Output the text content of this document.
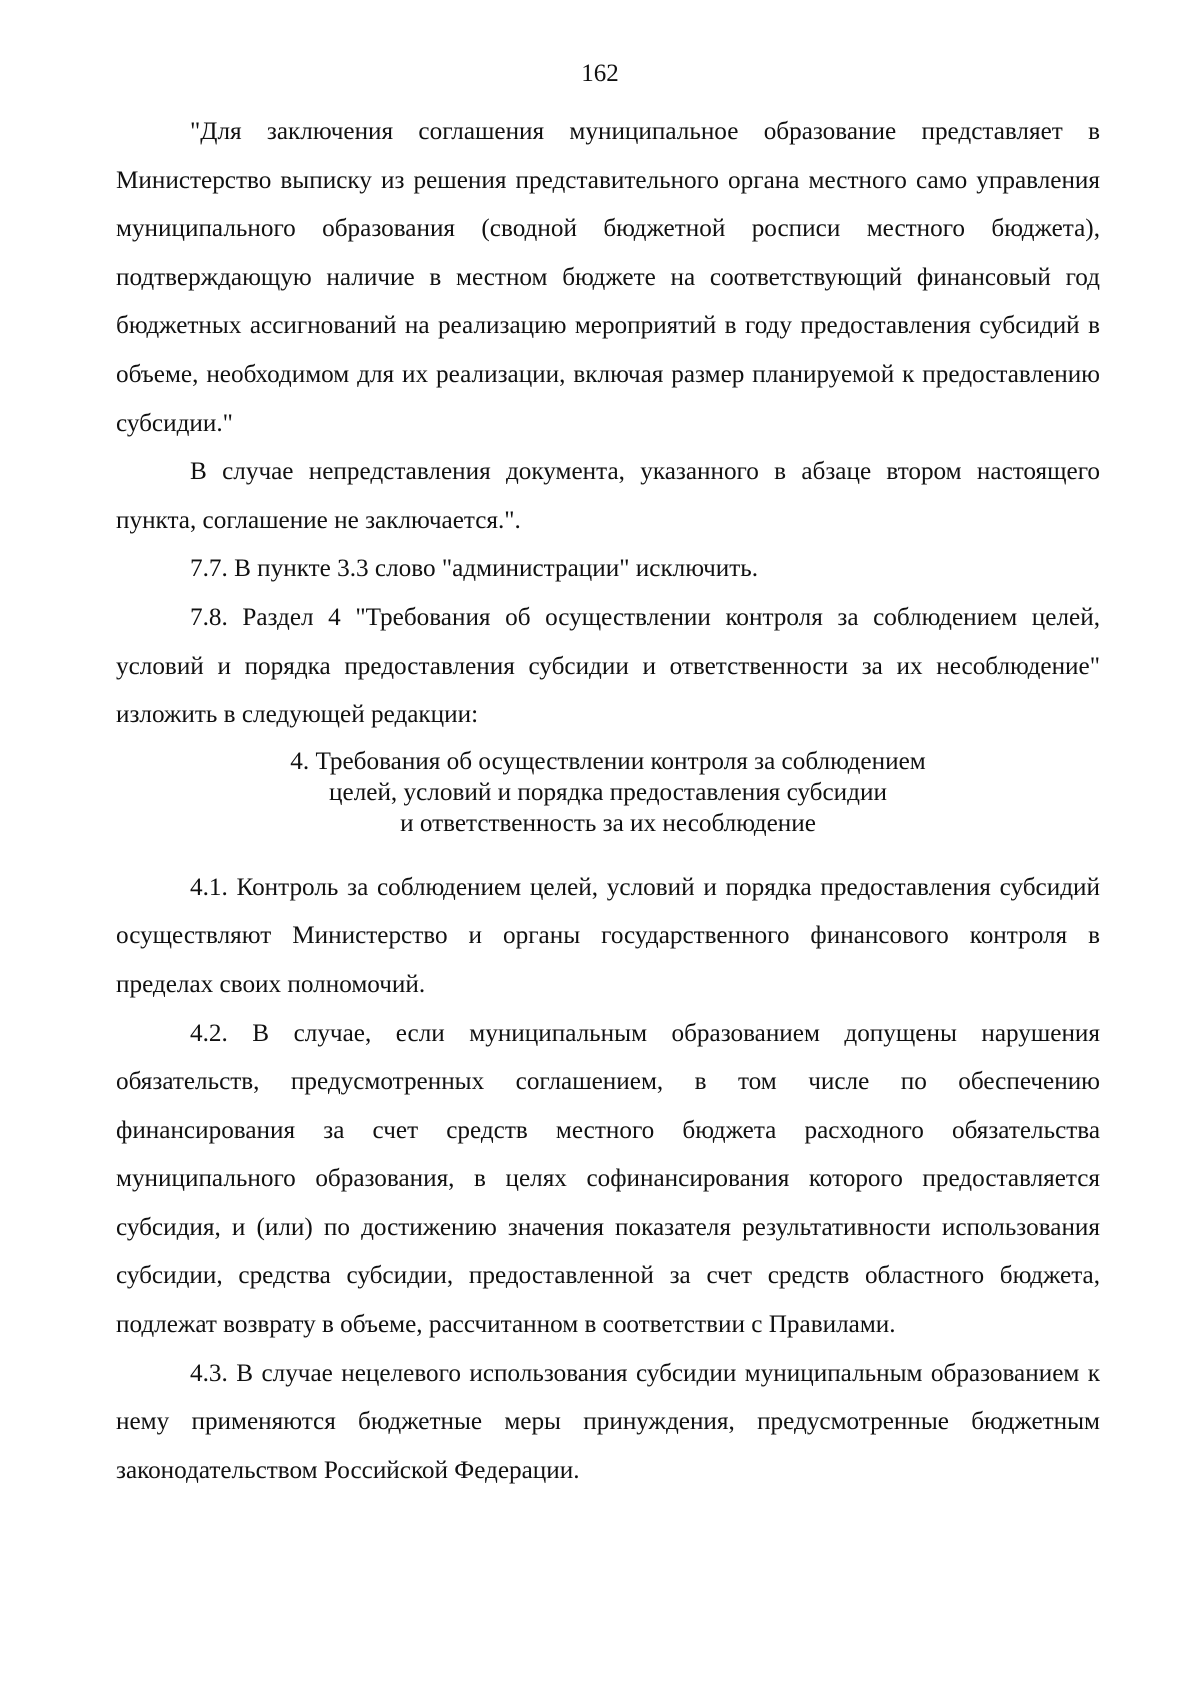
162

"Для заключения соглашения муниципальное образование представляет в Министерство выписку из решения представительного органа местного само управления муниципального образования (сводной бюджетной росписи местного бюджета), подтверждающую наличие в местном бюджете на соответствующий финансовый год бюджетных ассигнований на реализацию мероприятий в году предоставления субсидий в объеме, необходимом для их реализации, включая размер планируемой к предоставлению субсидии."

В случае непредставления документа, указанного в абзаце втором настоящего пункта, соглашение не заключается.".

7.7. В пункте 3.3 слово "администрации" исключить.

7.8. Раздел 4 "Требования об осуществлении контроля за соблюдением целей, условий и порядка предоставления субсидии и ответственности за их несоблюдение" изложить в следующей редакции:

4. Требования об осуществлении контроля за соблюдением
целей, условий и порядка предоставления субсидии
и ответственность за их несоблюдение

4.1. Контроль за соблюдением целей, условий и порядка предоставления субсидий осуществляют Министерство и органы государственного финансового контроля в пределах своих полномочий.

4.2. В случае, если муниципальным образованием допущены нарушения обязательств, предусмотренных соглашением, в том числе по обеспечению финансирования за счет средств местного бюджета расходного обязательства муниципального образования, в целях софинансирования которого предоставляется субсидия, и (или) по достижению значения показателя результативности использования субсидии, средства субсидии, предоставленной за счет средств областного бюджета, подлежат возврату в объеме, рассчитанном в соответствии с Правилами.

4.3. В случае нецелевого использования субсидии муниципальным образованием к нему применяются бюджетные меры принуждения, предусмотренные бюджетным законодательством Российской Федерации.
